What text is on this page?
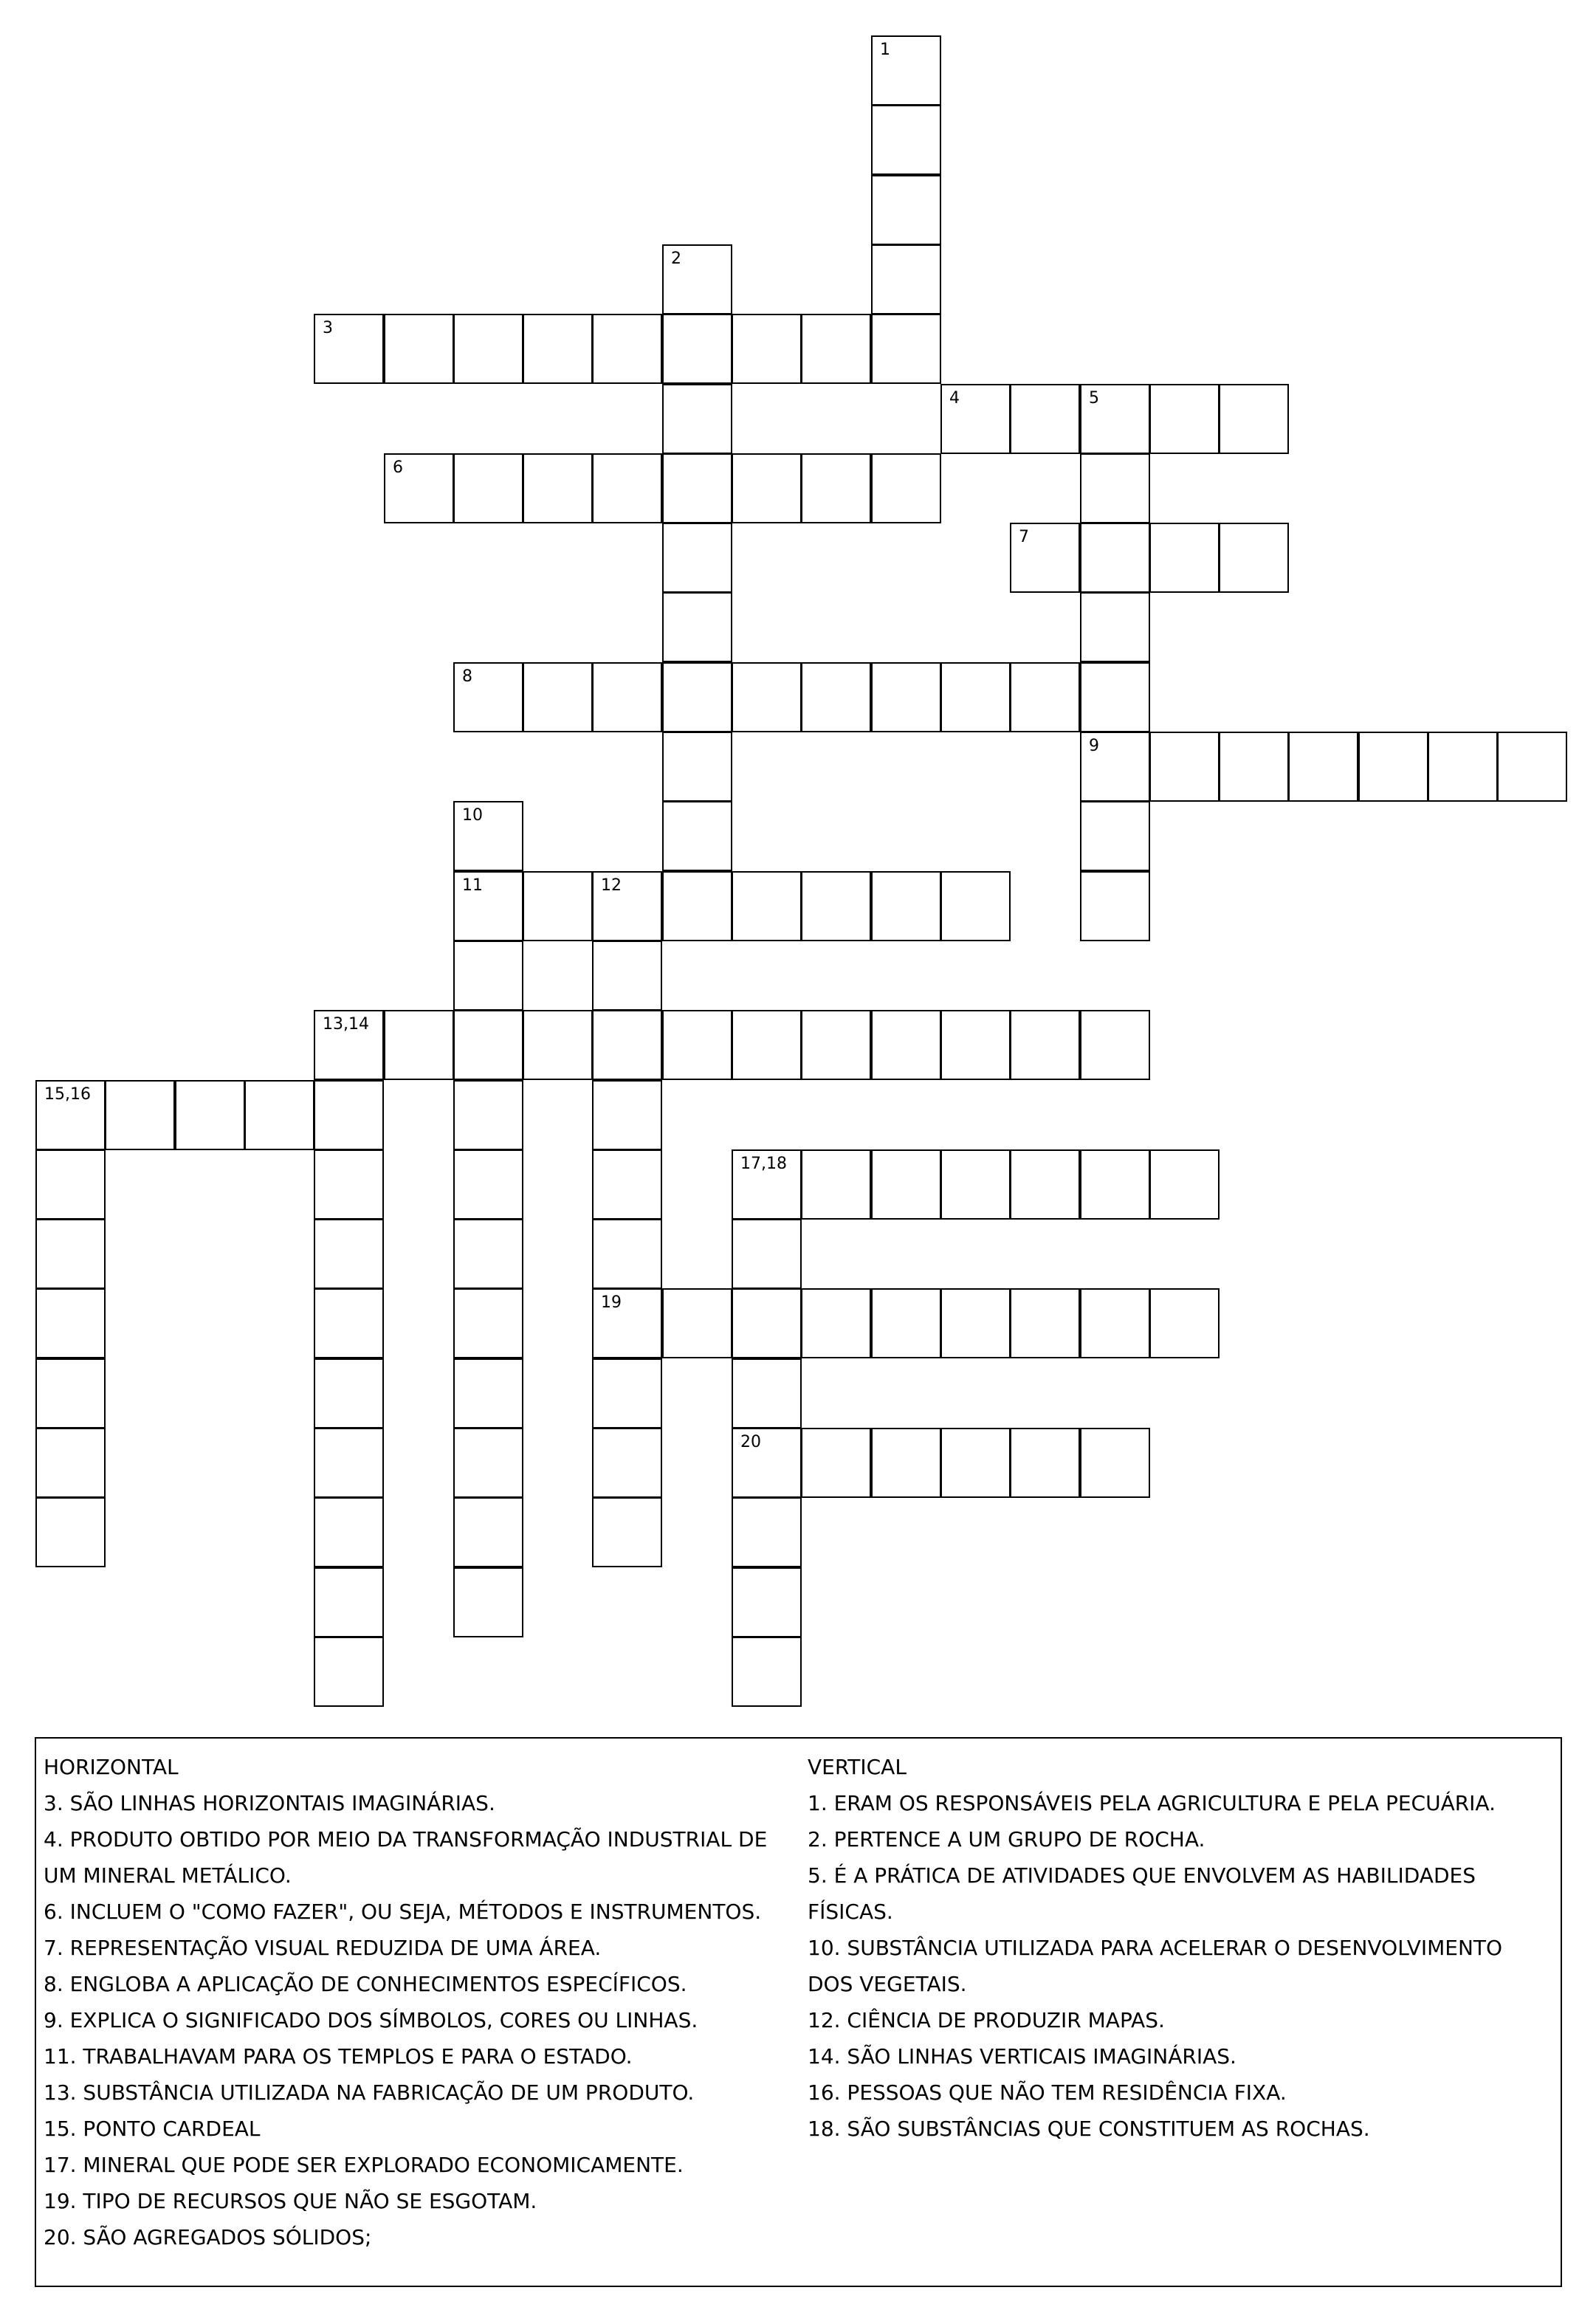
3
4	5
6
7
8
9
11	12
13,14
15,16
17,18
19
20
1
2
10
HORIZONTAL
3. SÃO LINHAS HORIZONTAIS IMAGINÁRIAS.
4. PRODUTO OBTIDO POR MEIO DA TRANSFORMAÇÃO INDUSTRIAL DE
UM MINERAL METÁLICO.
6. INCLUEM O "COMO FAZER", OU SEJA, MÉTODOS E INSTRUMENTOS.
7. REPRESENTAÇÃO VISUAL REDUZIDA DE UMA ÁREA.
8. ENGLOBA A APLICAÇÃO DE CONHECIMENTOS ESPECÍFICOS.
9. EXPLICA O SIGNIFICADO DOS SÍMBOLOS, CORES OU LINHAS.
11. TRABALHAVAM PARA OS TEMPLOS E PARA O ESTADO.
13. SUBSTÂNCIA UTILIZADA NA FABRICAÇÃO DE UM PRODUTO.
15. PONTO CARDEAL
17. MINERAL QUE PODE SER EXPLORADO ECONOMICAMENTE.
19. TIPO DE RECURSOS QUE NÃO SE ESGOTAM.
20. SÃO AGREGADOS SÓLIDOS;
VERTICAL
1. ERAM OS RESPONSÁVEIS PELA AGRICULTURA E PELA PECUÁRIA.
2. PERTENCE A UM GRUPO DE ROCHA.
5. É A PRÁTICA DE ATIVIDADES QUE ENVOLVEM AS HABILIDADES
FÍSICAS.
10. SUBSTÂNCIA UTILIZADA PARA ACELERAR O DESENVOLVIMENTO
DOS VEGETAIS.
12. CIÊNCIA DE PRODUZIR MAPAS.
14. SÃO LINHAS VERTICAIS IMAGINÁRIAS.
16. PESSOAS QUE NÃO TEM RESIDÊNCIA FIXA.
18. SÃO SUBSTÂNCIAS QUE CONSTITUEM AS ROCHAS.
